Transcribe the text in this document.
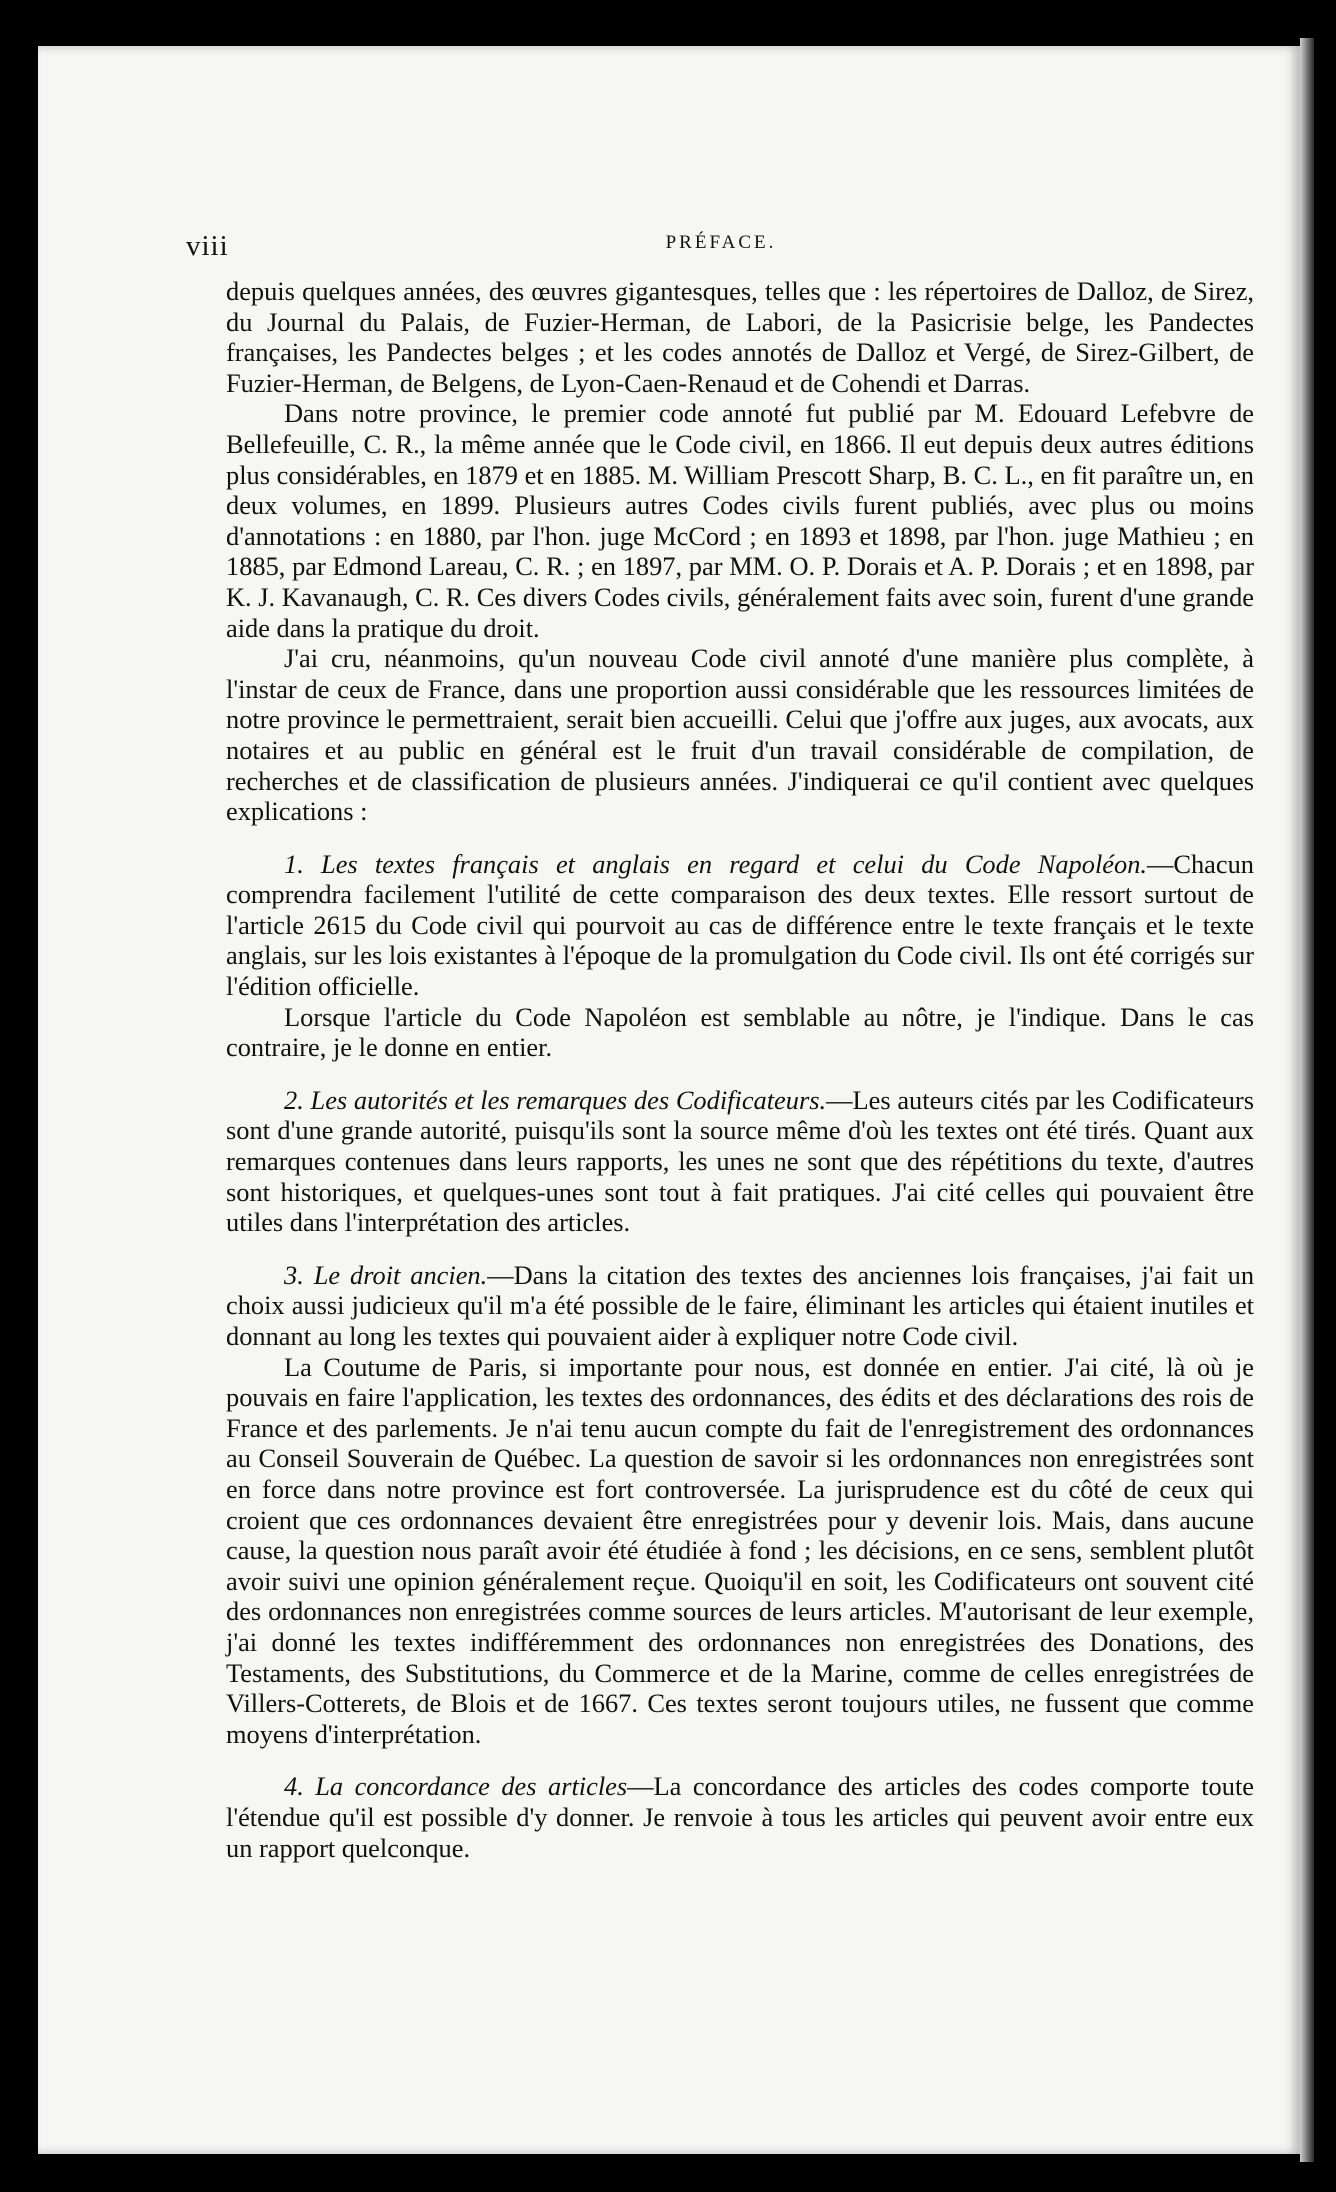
viii	PRÉFACE.

depuis quelques années, des œuvres gigantesques, telles que : les répertoires de Dalloz, de Sirez, du Journal du Palais, de Fuzier-Herman, de Labori, de la Pasicrisie belge, les Pandectes françaises, les Pandectes belges ; et les codes annotés de Dalloz et Vergé, de Sirez-Gilbert, de Fuzier-Herman, de Belgens, de Lyon-Caen-Renaud et de Cohendi et Darras.

Dans notre province, le premier code annoté fut publié par M. Edouard Lefebvre de Bellefeuille, C. R., la même année que le Code civil, en 1866. Il eut depuis deux autres éditions plus considérables, en 1879 et en 1885. M. William Prescott Sharp, B. C. L., en fit paraître un, en deux volumes, en 1899. Plusieurs autres Codes civils furent publiés, avec plus ou moins d'annotations : en 1880, par l'hon. juge McCord ; en 1893 et 1898, par l'hon. juge Mathieu ; en 1885, par Edmond Lareau, C. R. ; en 1897, par MM. O. P. Dorais et A. P. Dorais ; et en 1898, par K. J. Kavanaugh, C. R. Ces divers Codes civils, généralement faits avec soin, furent d'une grande aide dans la pratique du droit.

J'ai cru, néanmoins, qu'un nouveau Code civil annoté d'une manière plus complète, à l'instar de ceux de France, dans une proportion aussi considérable que les ressources limitées de notre province le permettraient, serait bien accueilli. Celui que j'offre aux juges, aux avocats, aux notaires et au public en général est le fruit d'un travail considérable de compilation, de recherches et de classification de plusieurs années. J'indiquerai ce qu'il contient avec quelques explications :

1. Les textes français et anglais en regard et celui du Code Napoléon.—Chacun comprendra facilement l'utilité de cette comparaison des deux textes. Elle ressort surtout de l'article 2615 du Code civil qui pourvoit au cas de différence entre le texte français et le texte anglais, sur les lois existantes à l'époque de la promulgation du Code civil. Ils ont été corrigés sur l'édition officielle.

Lorsque l'article du Code Napoléon est semblable au nôtre, je l'indique. Dans le cas contraire, je le donne en entier.

2. Les autorités et les remarques des Codificateurs.—Les auteurs cités par les Codificateurs sont d'une grande autorité, puisqu'ils sont la source même d'où les textes ont été tirés. Quant aux remarques contenues dans leurs rapports, les unes ne sont que des répétitions du texte, d'autres sont historiques, et quelques-unes sont tout à fait pratiques. J'ai cité celles qui pouvaient être utiles dans l'interprétation des articles.

3. Le droit ancien.—Dans la citation des textes des anciennes lois françaises, j'ai fait un choix aussi judicieux qu'il m'a été possible de le faire, éliminant les articles qui étaient inutiles et donnant au long les textes qui pouvaient aider à expliquer notre Code civil.

La Coutume de Paris, si importante pour nous, est donnée en entier. J'ai cité, là où je pouvais en faire l'application, les textes des ordonnances, des édits et des déclarations des rois de France et des parlements. Je n'ai tenu aucun compte du fait de l'enregistrement des ordonnances au Conseil Souverain de Québec. La question de savoir si les ordonnances non enregistrées sont en force dans notre province est fort controversée. La jurisprudence est du côté de ceux qui croient que ces ordonnances devaient être enregistrées pour y devenir lois. Mais, dans aucune cause, la question nous paraît avoir été étudiée à fond ; les décisions, en ce sens, semblent plutôt avoir suivi une opinion généralement reçue. Quoiqu'il en soit, les Codificateurs ont souvent cité des ordonnances non enregistrées comme sources de leurs articles. M'autorisant de leur exemple, j'ai donné les textes indifféremment des ordonnances non enregistrées des Donations, des Testaments, des Substitutions, du Commerce et de la Marine, comme de celles enregistrées de Villers-Cotterets, de Blois et de 1667. Ces textes seront toujours utiles, ne fussent que comme moyens d'interprétation.

4. La concordance des articles—La concordance des articles des codes comporte toute l'étendue qu'il est possible d'y donner. Je renvoie à tous les articles qui peuvent avoir entre eux un rapport quelconque.
